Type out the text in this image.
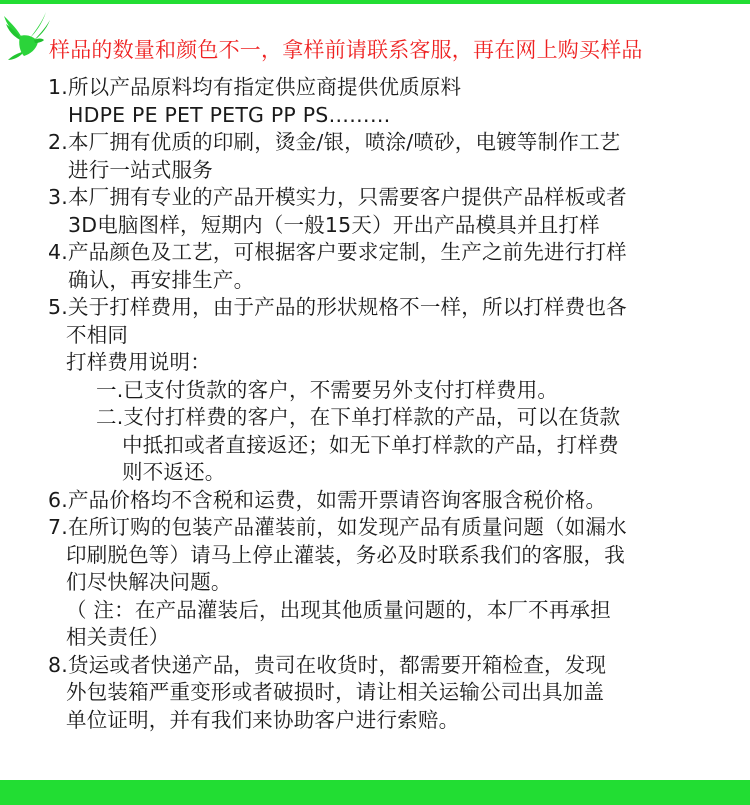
样品的数量和颜色不一，拿样前请联系客服，再在网上购买样品
1.所以产品原料均有指定供应商提供优质原料
HDPE PE PET PETG PP PS………
2.本厂拥有优质的印刷，烫金/银，喷涂/喷砂，电镀等制作工艺
进行一站式服务
3.本厂拥有专业的产品开模实力，只需要客户提供产品样板或者
3D电脑图样，短期内（一般15天）开出产品模具并且打样
4.产品颜色及工艺，可根据客户要求定制，生产之前先进行打样
确认，再安排生产。
5.关于打样费用，由于产品的形状规格不一样，所以打样费也各
不相同
打样费用说明：
一.已支付货款的客户，不需要另外支付打样费用。
二.支付打样费的客户，在下单打样款的产品，可以在货款
中抵扣或者直接返还；如无下单打样款的产品，打样费
则不返还。
6.产品价格均不含税和运费，如需开票请咨询客服含税价格。
7.在所订购的包装产品灌装前，如发现产品有质量问题（如漏水
印刷脱色等）请马上停止灌装，务必及时联系我们的客服，我
们尽快解决问题。
（ 注：在产品灌装后，出现其他质量问题的，本厂不再承担
相关责任）
8.货运或者快递产品，贵司在收货时，都需要开箱检查，发现
外包装箱严重变形或者破损时，请让相关运输公司出具加盖
单位证明，并有我们来协助客户进行索赔。
